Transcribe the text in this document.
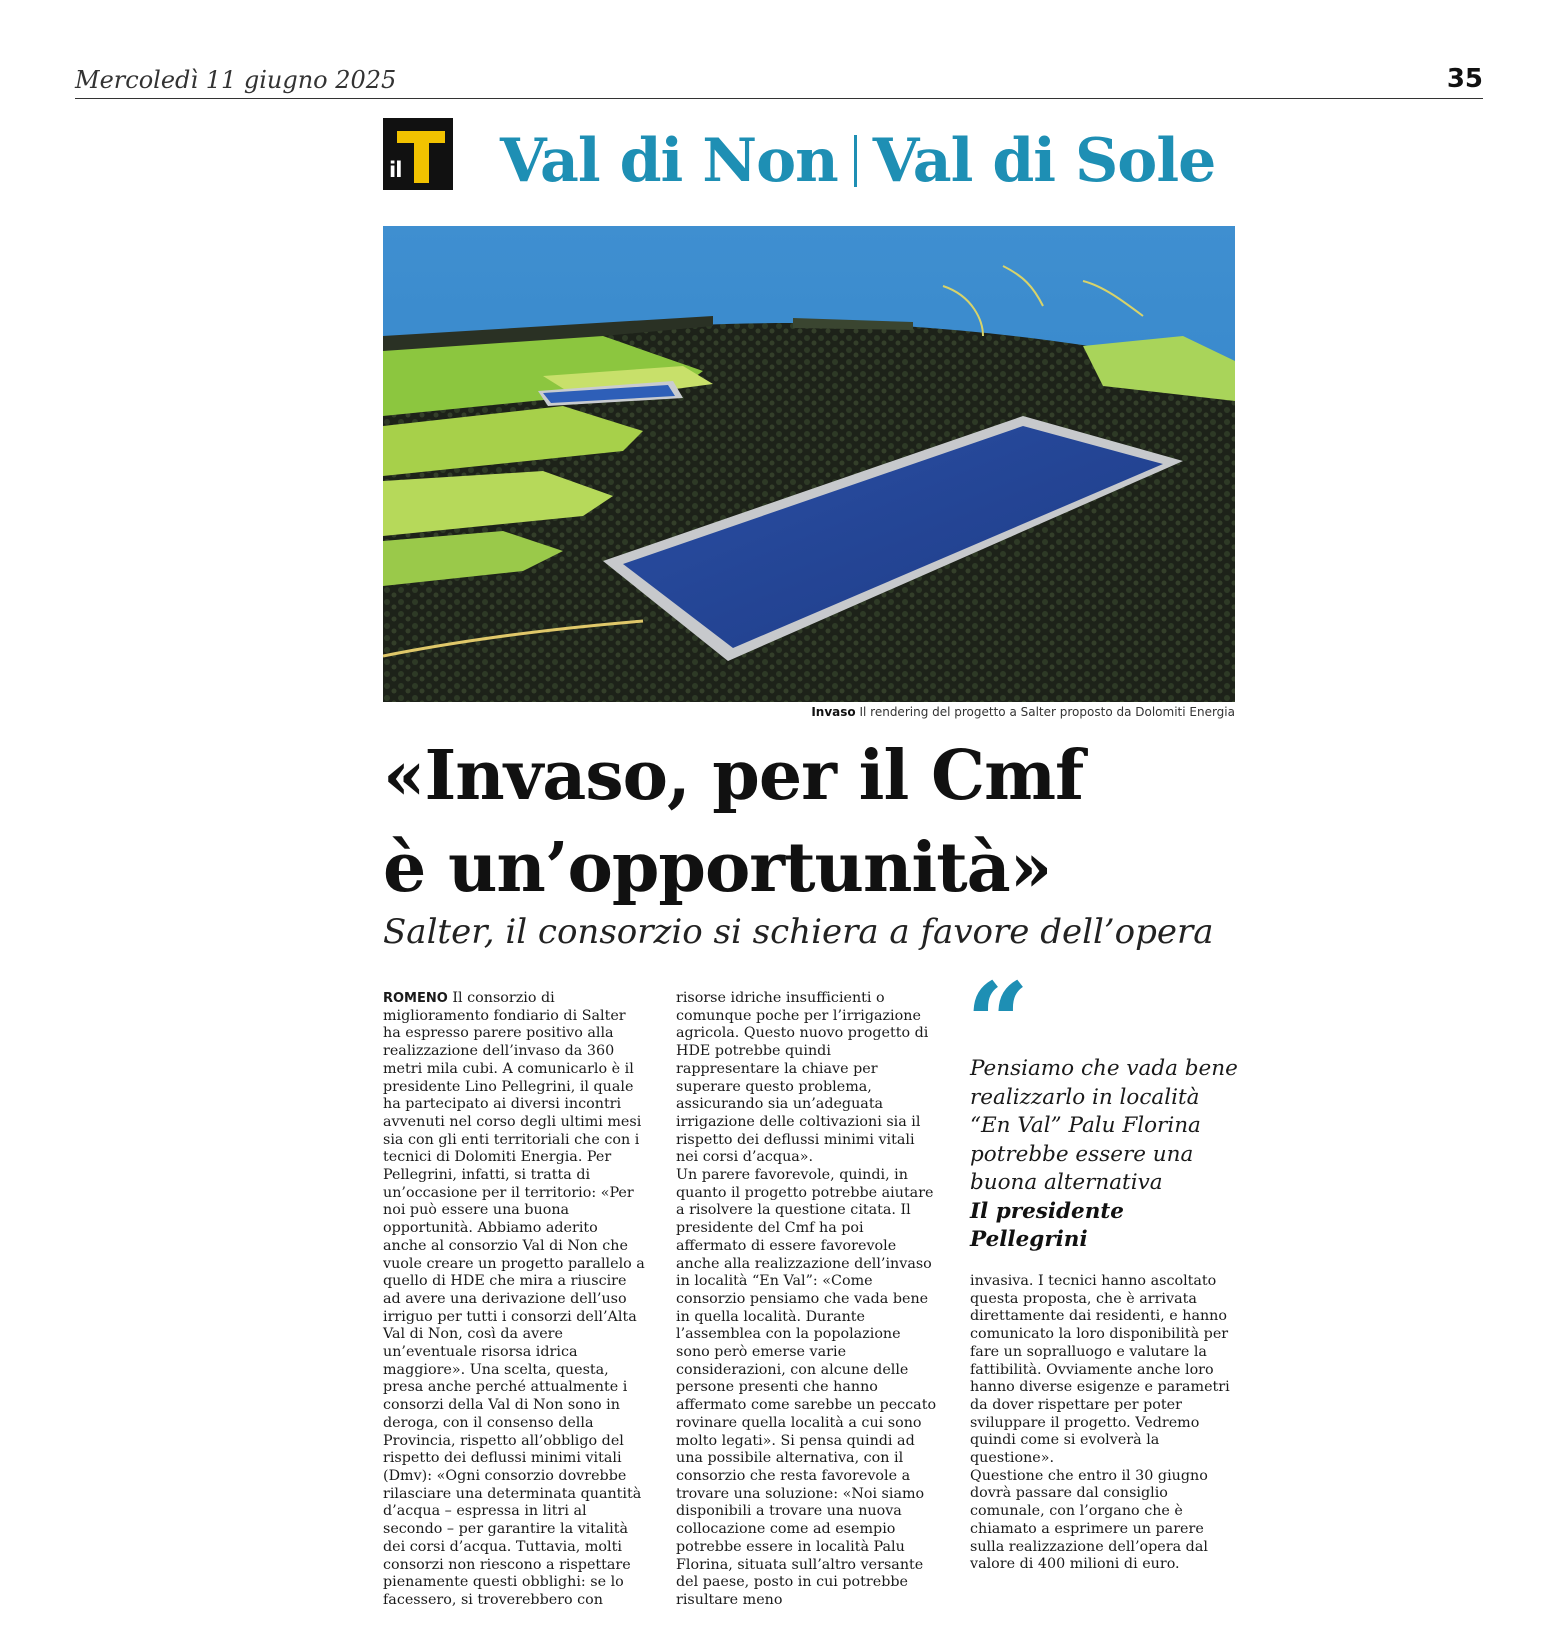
Mercoledì 11 giugno 2025	35
il Val di Non Val di Sole
Invaso Il rendering del progetto a Salter proposto da Dolomiti Energia
«Invaso, per il Cmf
è un’opportunità»
Salter, il consorzio si schiera a favore dell’opera

ROMENO Il consorzio di miglioramento fondiario di Salter ha espresso parere positivo alla realizzazione dell’invaso da 360 metri mila cubi. A comunicarlo è il presidente Lino Pellegrini, il quale ha partecipato ai diversi incontri avvenuti nel corso degli ultimi mesi sia con gli enti territoriali che con i tecnici di Dolomiti Energia. Per Pellegrini, infatti, si tratta di un’occasione per il territorio: «Per noi può essere una buona opportunità. Abbiamo aderito anche al consorzio Val di Non che vuole creare un progetto parallelo a quello di HDE che mira a riuscire ad avere una derivazione dell’uso irriguo per tutti i consorzi dell’Alta Val di Non, così da avere un’eventuale risorsa idrica maggiore». Una scelta, questa, presa anche perché attualmente i consorzi della Val di Non sono in deroga, con il consenso della Provincia, rispetto all’obbligo del rispetto dei deflussi minimi vitali (Dmv): «Ogni consorzio dovrebbe rilasciare una determinata quantità d’acqua – espressa in litri al secondo – per garantire la vitalità dei corsi d’acqua. Tuttavia, molti consorzi non riescono a rispettare pienamente questi obblighi: se lo facessero, si troverebbero con

risorse idriche insufficienti o comunque poche per l’irrigazione agricola. Questo nuovo progetto di HDE potrebbe quindi rappresentare la chiave per superare questo problema, assicurando sia un’adeguata irrigazione delle coltivazioni sia il rispetto dei deflussi minimi vitali nei corsi d’acqua».

Un parere favorevole, quindi, in quanto il progetto potrebbe aiutare a risolvere la questione citata. Il presidente del Cmf ha poi affermato di essere favorevole anche alla realizzazione dell’invaso in località “En Val”: «Come consorzio pensiamo che vada bene in quella località. Durante l’assemblea con la popolazione sono però emerse varie considerazioni, con alcune delle persone presenti che hanno affermato come sarebbe un peccato rovinare quella località a cui sono molto legati». Si pensa quindi ad una possibile alternativa, con il consorzio che resta favorevole a trovare una soluzione: «Noi siamo disponibili a trovare una nuova collocazione come ad esempio potrebbe essere in località Palu Florina, situata sull’altro versante del paese, posto in cui potrebbe risultare meno

“
Pensiamo che vada bene realizzarlo in località “En Val” Palu Florina potrebbe essere una buona alternativa
Il presidente Pellegrini

invasiva. I tecnici hanno ascoltato questa proposta, che è arrivata direttamente dai residenti, e hanno comunicato la loro disponibilità per fare un sopralluogo e valutare la fattibilità. Ovviamente anche loro hanno diverse esigenze e parametri da dover rispettare per poter sviluppare il progetto. Vedremo quindi come si evolverà la questione».

Questione che entro il 30 giugno dovrà passare dal consiglio comunale, con l’organo che è chiamato a esprimere un parere sulla realizzazione dell’opera dal valore di 400 milioni di euro.
